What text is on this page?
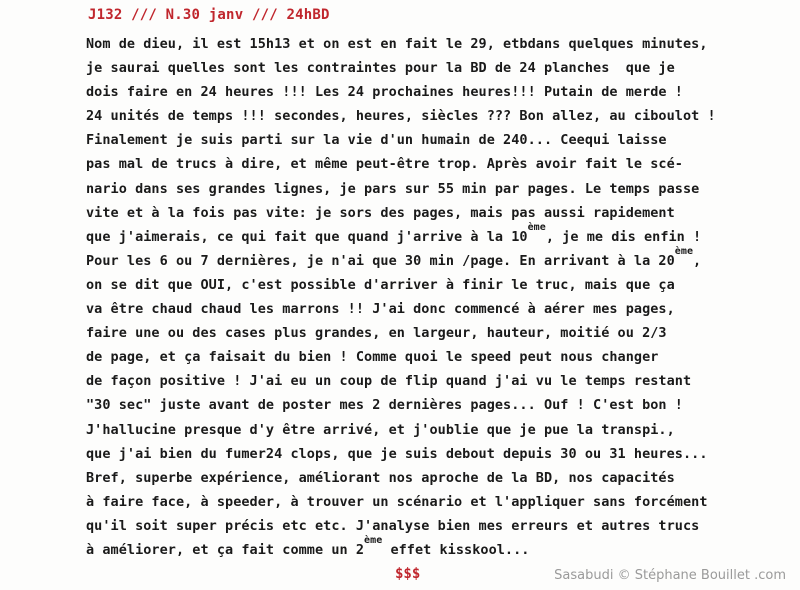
J132 /// N.30 janv /// 24hBD
Nom de dieu, il est 15h13 et on est en fait le 29, etbdans quelques minutes,
je saurai quelles sont les contraintes pour la BD de 24 planches  que je
dois faire en 24 heures !!! Les 24 prochaines heures!!! Putain de merde !
24 unités de temps !!! secondes, heures, siècles ??? Bon allez, au ciboulot !
Finalement je suis parti sur la vie d'un humain de 240... Ceequi laisse
pas mal de trucs à dire, et même peut-être trop. Après avoir fait le scé-
nario dans ses grandes lignes, je pars sur 55 min par pages. Le temps passe
vite et à la fois pas vite: je sors des pages, mais pas aussi rapidement
que j'aimerais, ce qui fait que quand j'arrive à la 10ème, je me dis enfin !
Pour les 6 ou 7 dernières, je n'ai que 30 min /page. En arrivant à la 20ème,
on se dit que OUI, c'est possible d'arriver à finir le truc, mais que ça
va être chaud chaud les marrons !! J'ai donc commencé à aérer mes pages,
faire une ou des cases plus grandes, en largeur, hauteur, moitié ou 2/3
de page, et ça faisait du bien ! Comme quoi le speed peut nous changer
de façon positive ! J'ai eu un coup de flip quand j'ai vu le temps restant
"30 sec" juste avant de poster mes 2 dernières pages... Ouf ! C'est bon !
J'hallucine presque d'y être arrivé, et j'oublie que je pue la transpi.,
que j'ai bien du fumer24 clops, que je suis debout depuis 30 ou 31 heures...
Bref, superbe expérience, améliorant nos aproche de la BD, nos capacités
à faire face, à speeder, à trouver un scénario et l'appliquer sans forcément
qu'il soit super précis etc etc. J'analyse bien mes erreurs et autres trucs
à améliorer, et ça fait comme un 2ème effet kisskool...
$$$	Sasabudi © Stéphane Bouillet .com
